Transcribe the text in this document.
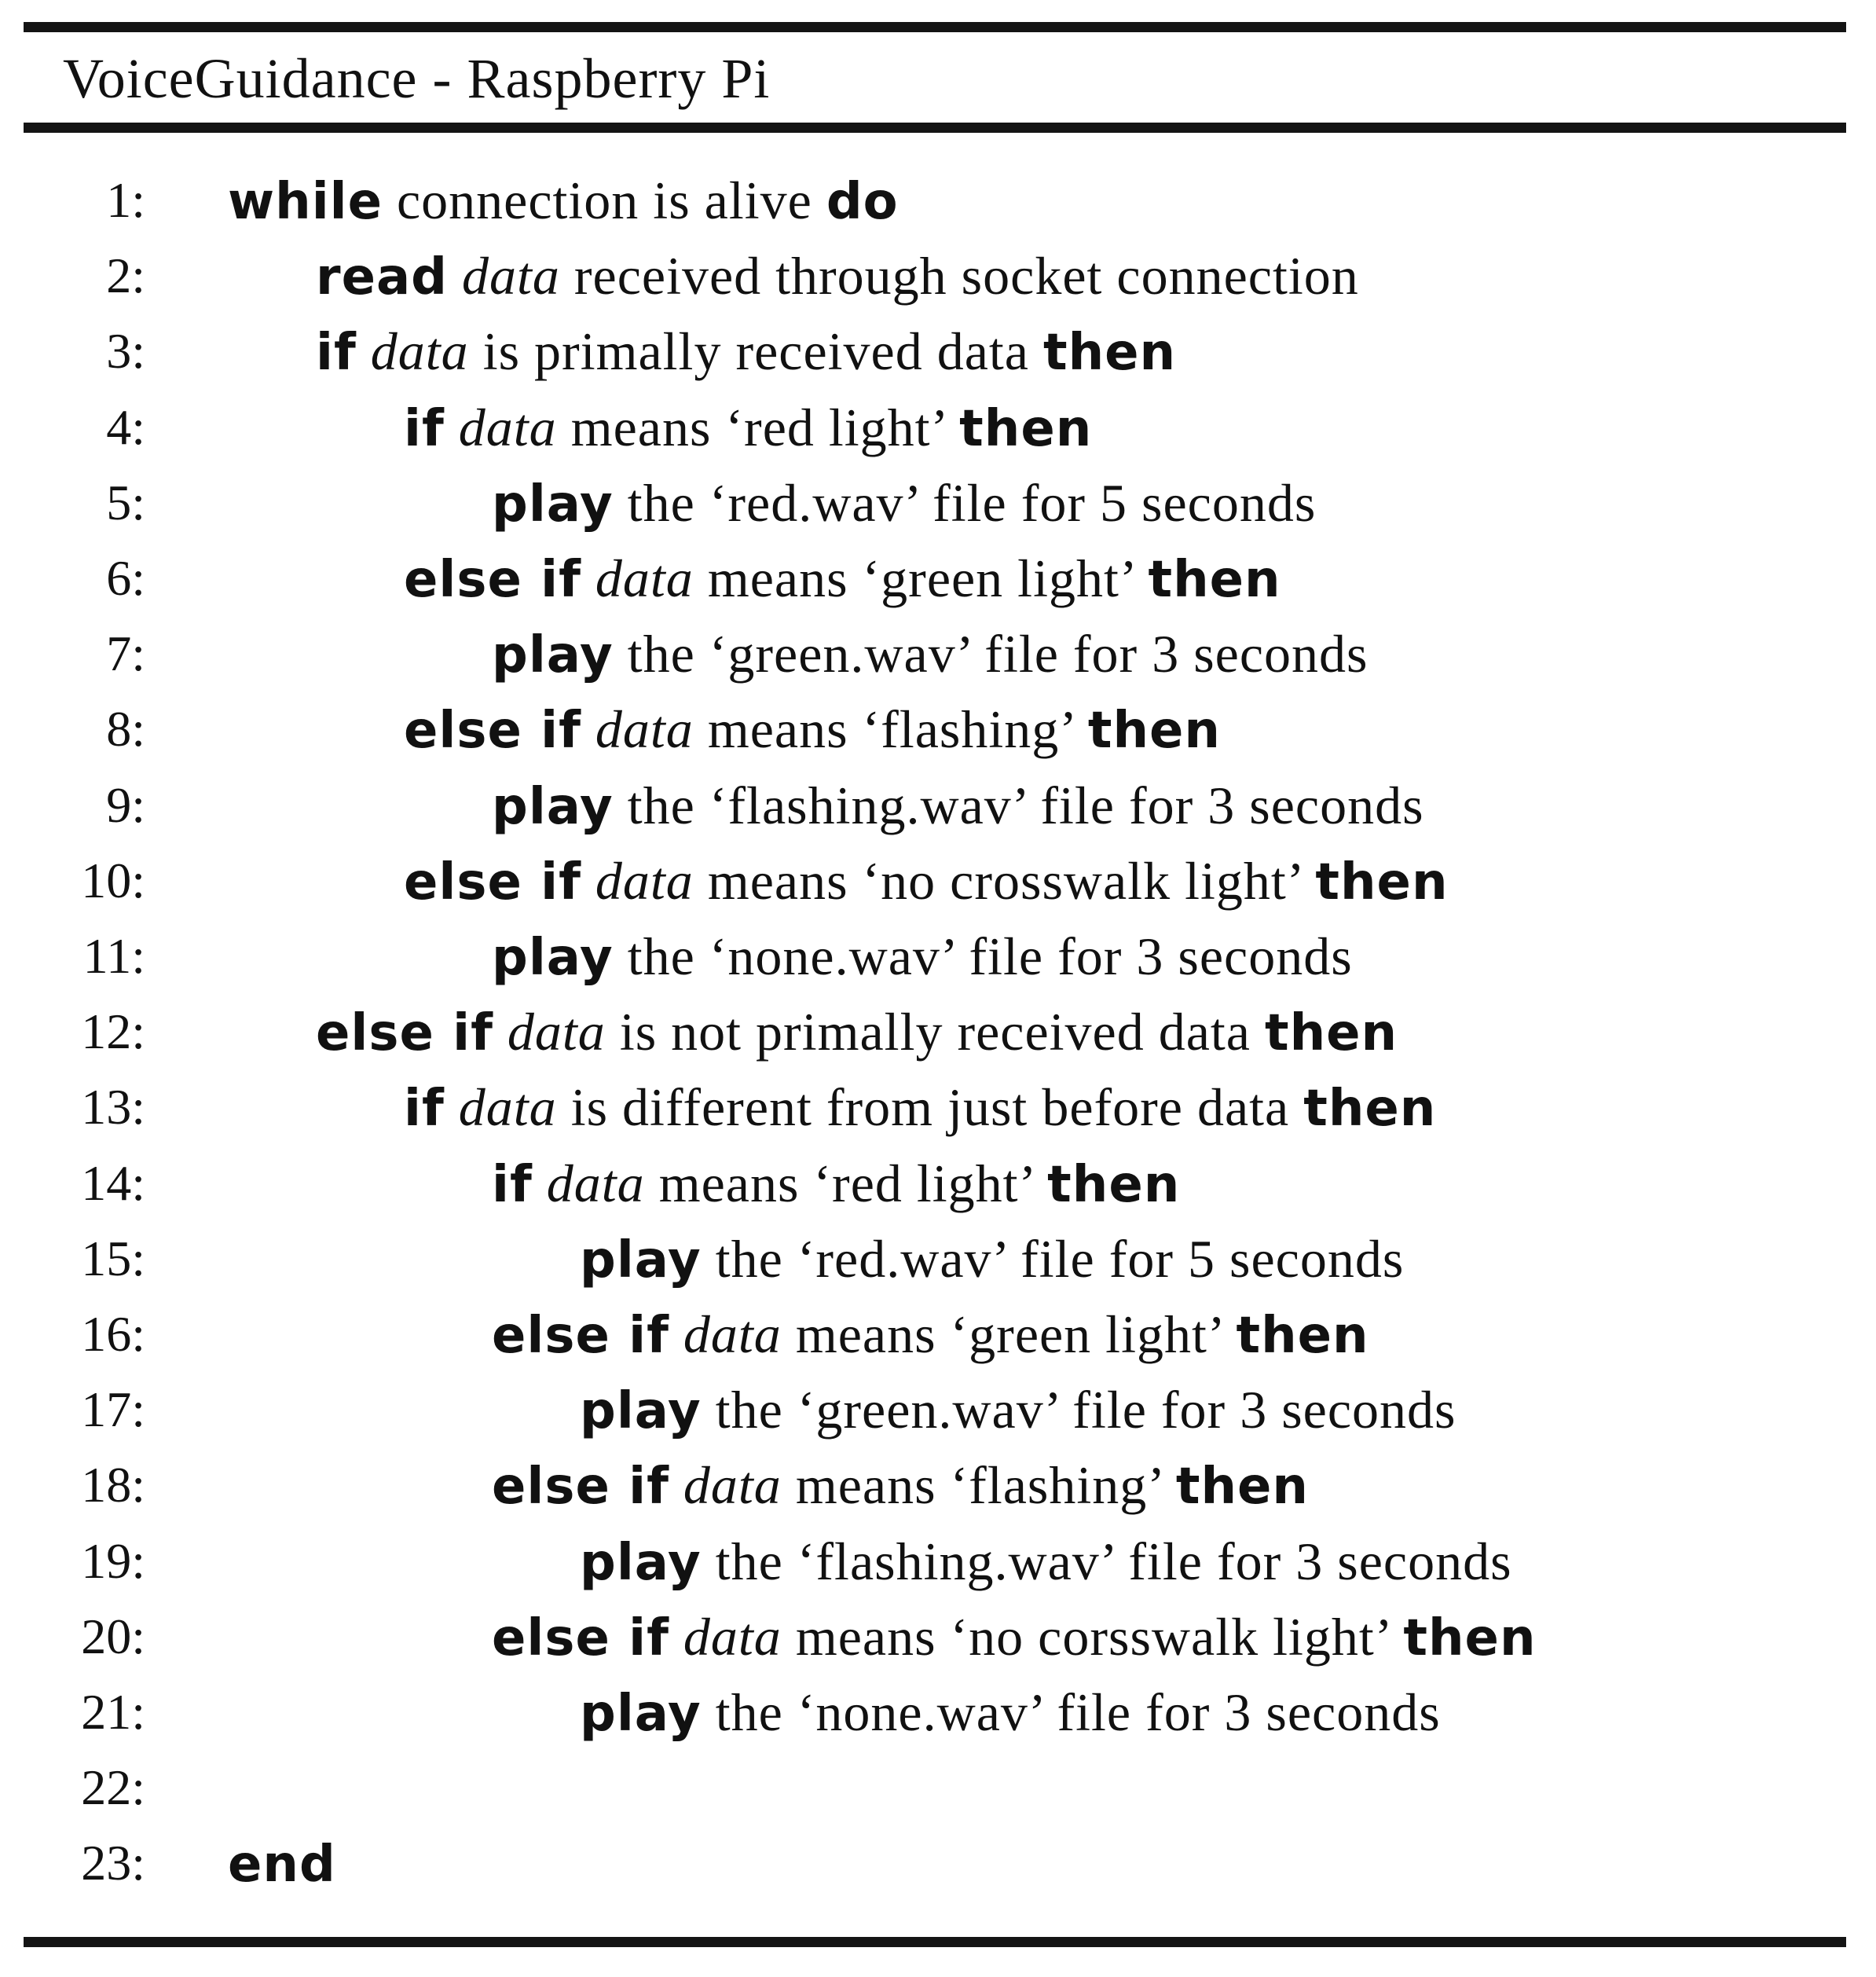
VoiceGuidance - Raspberry Pi
1: while connection is alive do
2:	read data received through socket connection
3:	if data is primally received data then
4:	if data means ‘red light’ then
5:	play the ‘red.wav’ file for 5 seconds
6:	else if data means ‘green light’ then
7:	play the ‘green.wav’ file for 3 seconds
8:	else if data means ‘flashing’ then
9:	play the ‘flashing.wav’ file for 3 seconds
10:	else if data means ‘no crosswalk light’ then
11:	play the ‘none.wav’ file for 3 seconds
12:	else if data is not primally received data then
13:	if data is different from just before data then
14:	if data means ‘red light’ then
15:	play the ‘red.wav’ file for 5 seconds
16:	else if data means ‘green light’ then
17:	play the ‘green.wav’ file for 3 seconds
18:	else if data means ‘flashing’ then
19:	play the ‘flashing.wav’ file for 3 seconds
20:	else if data means ‘no corsswalk light’ then
21:	play the ‘none.wav’ file for 3 seconds
22:
23: end
